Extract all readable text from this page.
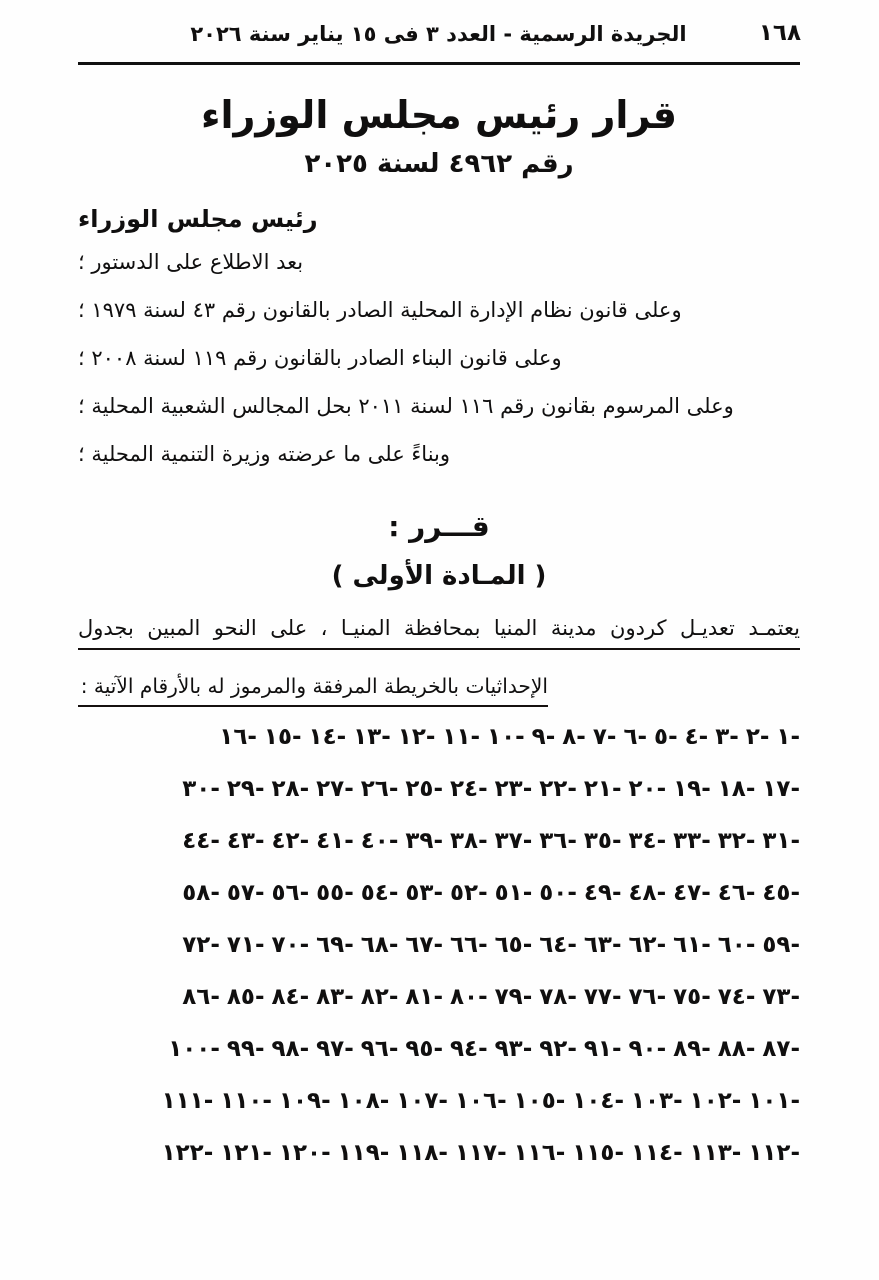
١٦٨
الجريدة الرسمية - العدد ٣ فى ١٥ يناير سنة ٢٠٢٦
قرار رئيس مجلس الوزراء
رقم ٤٩٦٢ لسنة ٢٠٢٥
رئيس مجلس الوزراء
بعد الاطلاع على الدستور ؛
وعلى قانون نظام الإدارة المحلية الصادر بالقانون رقم ٤٣ لسنة ١٩٧٩ ؛
وعلى قانون البناء الصادر بالقانون رقم ١١٩ لسنة ٢٠٠٨ ؛
وعلى المرسوم بقانون رقم ١١٦ لسنة ٢٠١١ بحل المجالس الشعبية المحلية ؛
وبناءً على ما عرضته وزيرة التنمية المحلية ؛
قـــرر :
( المـادة الأولى )
يعتمـد تعديـل كردون مدينة المنيا بمحافظة المنيـا ، على النحو المبين بجدول
الإحداثيات بالخريطة المرفقة والمرموز له بالأرقام الآتية :
-١-٢-٣-٤-٥-٦-٧-٨-٩-١٠-١١-١٢-١٣-١٤-١٥-١٦
-١٧-١٨-١٩-٢٠-٢١-٢٢-٢٣-٢٤-٢٥-٢٦-٢٧-٢٨-٢٩-٣٠
-٣١-٣٢-٣٣-٣٤-٣٥-٣٦-٣٧-٣٨-٣٩-٤٠-٤١-٤٢-٤٣-٤٤
-٤٥-٤٦-٤٧-٤٨-٤٩-٥٠-٥١-٥٢-٥٣-٥٤-٥٥-٥٦-٥٧-٥٨
-٥٩-٦٠-٦١-٦٢-٦٣-٦٤-٦٥-٦٦-٦٧-٦٨-٦٩-٧٠-٧١-٧٢
-٧٣-٧٤-٧٥-٧٦-٧٧-٧٨-٧٩-٨٠-٨١-٨٢-٨٣-٨٤-٨٥-٨٦
-٨٧-٨٨-٨٩-٩٠-٩١-٩٢-٩٣-٩٤-٩٥-٩٦-٩٧-٩٨-٩٩-١٠٠
-١٠١-١٠٢-١٠٣-١٠٤-١٠٥-١٠٦-١٠٧-١٠٨-١٠٩-١١٠-١١١
-١١٢-١١٣-١١٤-١١٥-١١٦-١١٧-١١٨-١١٩-١٢٠-١٢١-١٢٢
